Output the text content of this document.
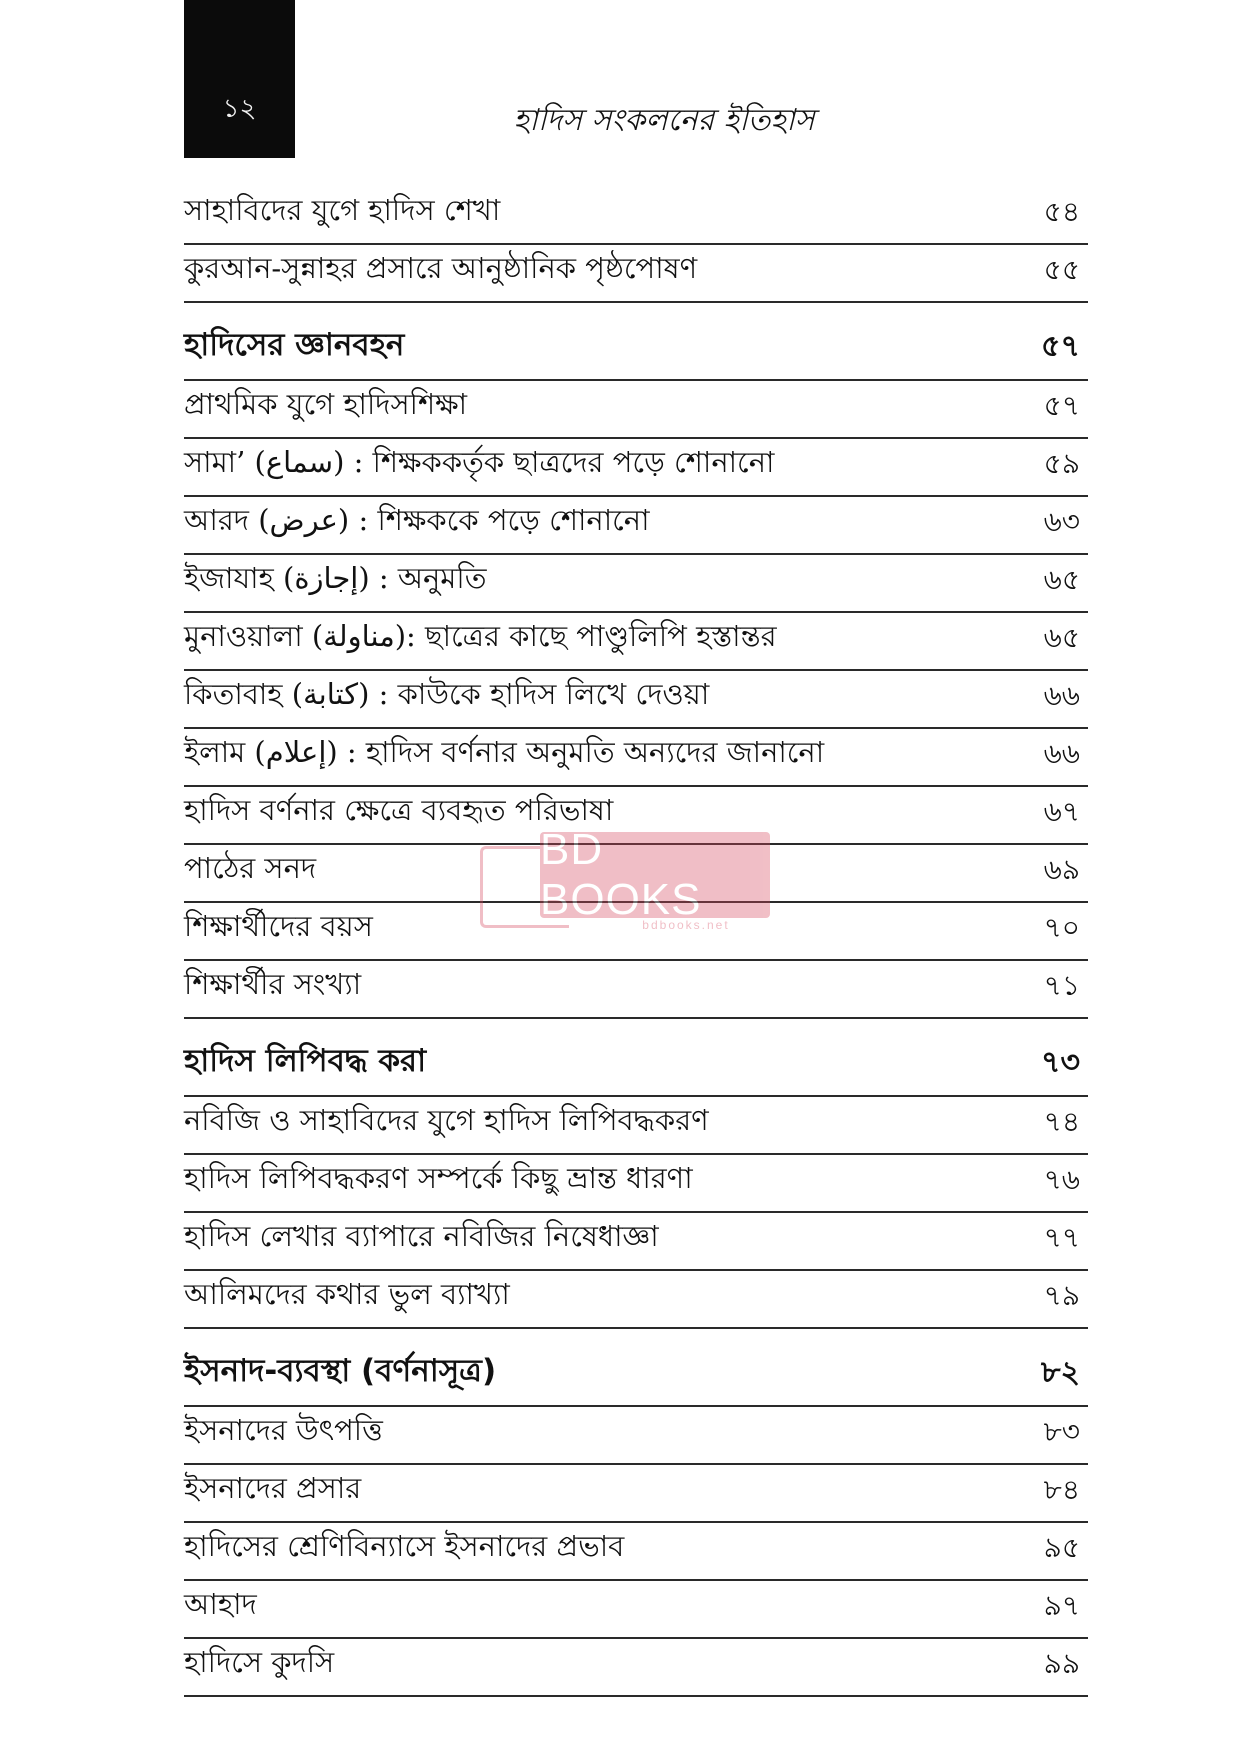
১২	হাদিস সংকলনের ইতিহাস
সাহাবিদের যুগে হাদিস শেখা	৫৪
কুরআন-সুন্নাহর প্রসারে আনুষ্ঠানিক পৃষ্ঠপোষণ	৫৫
হাদিসের জ্ঞানবহন	৫৭
প্রাথমিক যুগে হাদিসশিক্ষা	৫৭
সামা’ (سماع) : শিক্ষককর্তৃক ছাত্রদের পড়ে শোনানো	৫৯
আরদ (عرض) : শিক্ষককে পড়ে শোনানো	৬৩
ইজাযাহ (إجازة) : অনুমতি	৬৫
মুনাওয়ালা (مناولة): ছাত্রের কাছে পাণ্ডুলিপি হস্তান্তর	৬৫
কিতাবাহ (كتابة) : কাউকে হাদিস লিখে দেওয়া	৬৬
ইলাম (إعلام) : হাদিস বর্ণনার অনুমতি অন্যদের জানানো	৬৬
হাদিস বর্ণনার ক্ষেত্রে ব্যবহৃত পরিভাষা	৬৭
পাঠের সনদ	৬৯
শিক্ষার্থীদের বয়স	৭০
শিক্ষার্থীর সংখ্যা	৭১
হাদিস লিপিবদ্ধ করা	৭৩
নবিজি ও সাহাবিদের যুগে হাদিস লিপিবদ্ধকরণ	৭৪
হাদিস লিপিবদ্ধকরণ সম্পর্কে কিছু ভ্রান্ত ধারণা	৭৬
হাদিস লেখার ব্যাপারে নবিজির নিষেধাজ্ঞা	৭৭
আলিমদের কথার ভুল ব্যাখ্যা	৭৯
ইসনাদ-ব্যবস্থা (বর্ণনাসূত্র)	৮২
ইসনাদের উৎপত্তি	৮৩
ইসনাদের প্রসার	৮৪
হাদিসের শ্রেণিবিন্যাসে ইসনাদের প্রভাব	৯৫
আহাদ	৯৭
হাদিসে কুদসি	৯৯
BD BOOKS
bdbooks.net
